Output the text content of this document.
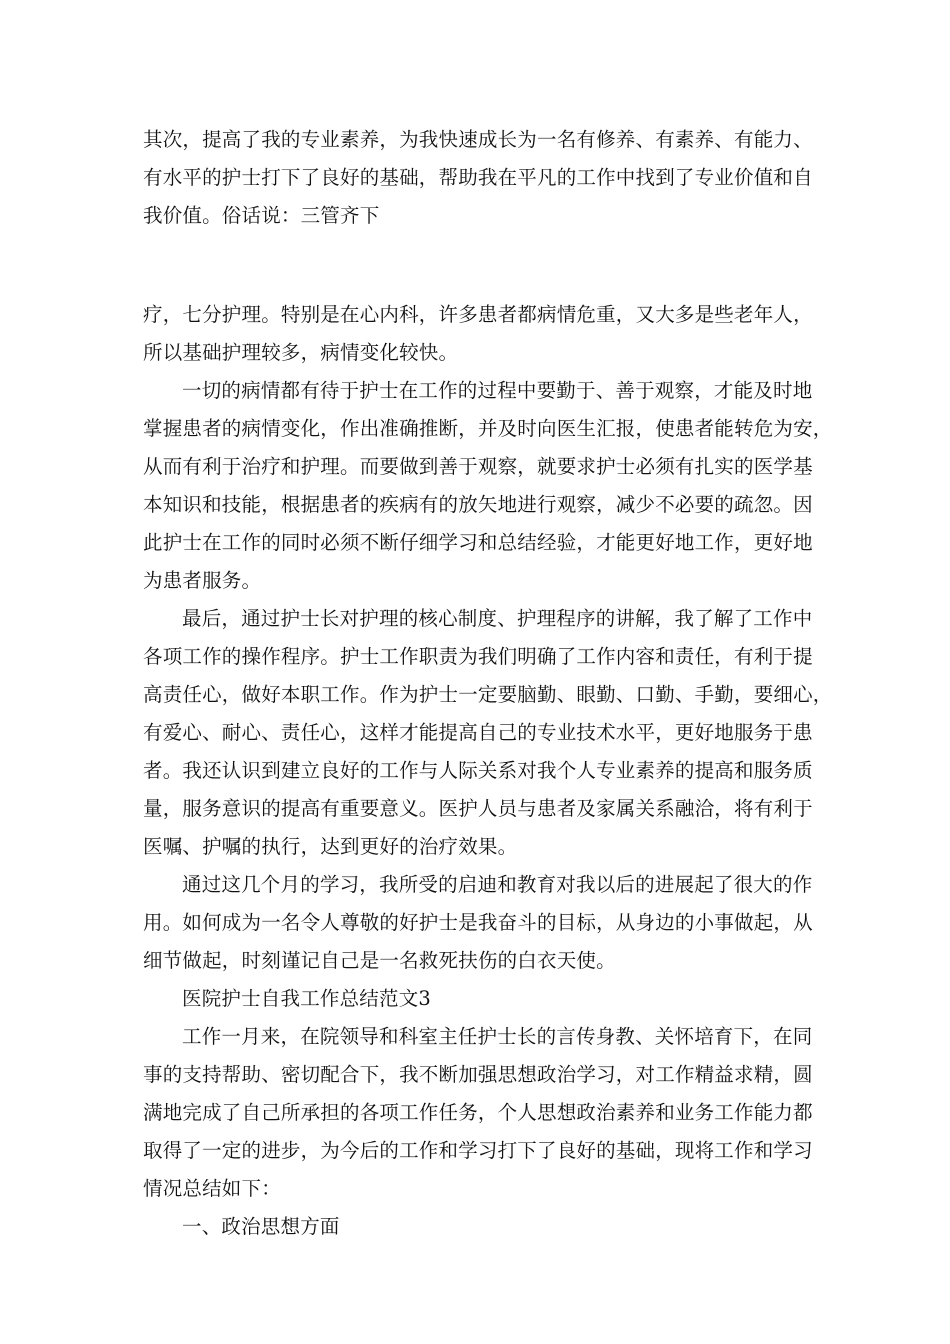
其次，提高了我的专业素养，为我快速成长为一名有修养、有素养、有能力、
有水平的护士打下了良好的基础，帮助我在平凡的工作中找到了专业价值和自
我价值。俗话说：三管齐下
疗，七分护理。特别是在心内科，许多患者都病情危重，又大多是些老年人，
所以基础护理较多，病情变化较快。
一切的病情都有待于护士在工作的过程中要勤于、善于观察，才能及时地
掌握患者的病情变化，作出准确推断，并及时向医生汇报，使患者能转危为安，
从而有利于治疗和护理。而要做到善于观察，就要求护士必须有扎实的医学基
本知识和技能，根据患者的疾病有的放矢地进行观察，减少不必要的疏忽。因
此护士在工作的同时必须不断仔细学习和总结经验，才能更好地工作，更好地
为患者服务。
最后，通过护士长对护理的核心制度、护理程序的讲解，我了解了工作中
各项工作的操作程序。护士工作职责为我们明确了工作内容和责任，有利于提
高责任心，做好本职工作。作为护士一定要脑勤、眼勤、口勤、手勤，要细心，
有爱心、耐心、责任心，这样才能提高自己的专业技术水平，更好地服务于患
者。我还认识到建立良好的工作与人际关系对我个人专业素养的提高和服务质
量，服务意识的提高有重要意义。医护人员与患者及家属关系融洽，将有利于
医嘱、护嘱的执行，达到更好的治疗效果。
通过这几个月的学习，我所受的启迪和教育对我以后的进展起了很大的作
用。如何成为一名令人尊敬的好护士是我奋斗的目标，从身边的小事做起，从
细节做起，时刻谨记自己是一名救死扶伤的白衣天使。
医院护士自我工作总结范文3
工作一月来，在院领导和科室主任护士长的言传身教、关怀培育下，在同
事的支持帮助、密切配合下，我不断加强思想政治学习，对工作精益求精，圆
满地完成了自己所承担的各项工作任务，个人思想政治素养和业务工作能力都
取得了一定的进步，为今后的工作和学习打下了良好的基础，现将工作和学习
情况总结如下：
一、政治思想方面
